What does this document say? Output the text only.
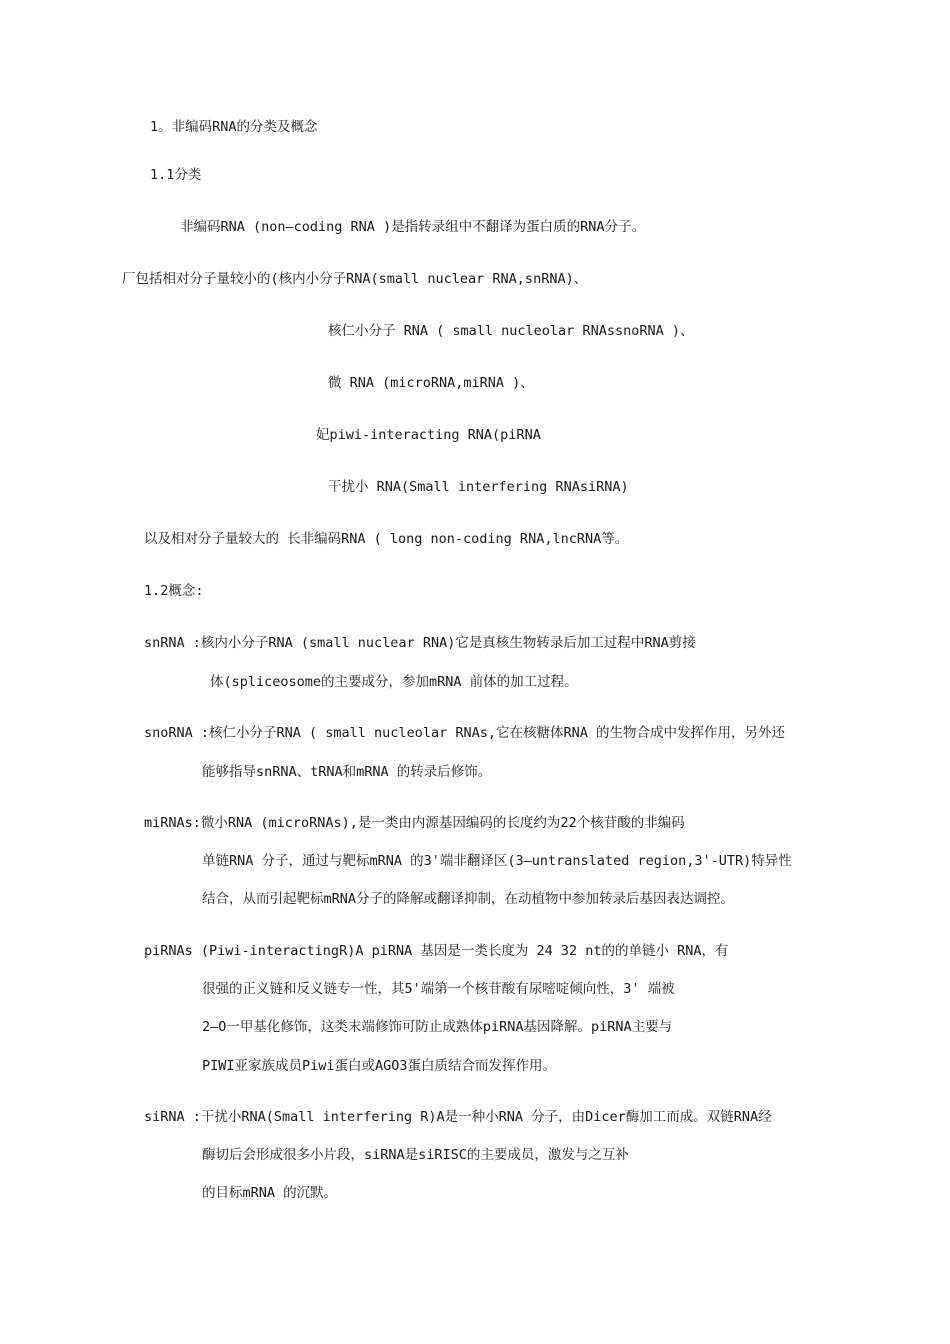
1。非编码RNA的分类及概念
1.1分类
非编码RNA (non—coding RNA )是指转录组中不翻译为蛋白质的RNA分子。
厂包括相对分子量较小的(核内小分子RNA(small nuclear RNA,snRNA)、
核仁小分子 RNA ( small nucleolar RNAssnoRNA )、
微 RNA (microRNA,miRNA )、
妃piwi-interacting RNA(piRNA
干扰小 RNA(Small interfering RNAsiRNA)
以及相对分子量较大的 长非编码RNA ( long non-coding RNA,lncRNA等。
1.2概念:
snRNA :核内小分子RNA (small nuclear RNA)它是真核生物转录后加工过程中RNA剪接
体(spliceosome的主要成分，参加mRNA 前体的加工过程。
snoRNA :核仁小分子RNA ( small nucleolar RNAs,它在核糖体RNA 的生物合成中发挥作用，另外还
能够指导snRNA、tRNA和mRNA 的转录后修饰。
miRNAs:微小RNA (microRNAs),是一类由内源基因编码的长度约为22个核苷酸的非编码
单链RNA 分子，通过与靶标mRNA 的3'端非翻译区(3—untranslated region,3'-UTR)特异性
结合，从而引起靶标mRNA分子的降解或翻译抑制，在动植物中参加转录后基因表达调控。
piRNAs (Piwi-interactingR)A piRNA 基因是一类长度为 24 32 nt的的单链小 RNA，有
很强的正义链和反义链专一性，其5'端第一个核苷酸有尿嘧啶倾向性，3' 端被
2—O一甲基化修饰，这类末端修饰可防止成熟体piRNA基因降解。piRNA主要与
PIWI亚家族成员Piwi蛋白或AGO3蛋白质结合而发挥作用。
siRNA :干扰小RNA(Small interfering R)A是一种小RNA 分子，由Dicer酶加工而成。双链RNA经
酶切后会形成很多小片段，siRNA是siRISC的主要成员，激发与之互补
的目标mRNA 的沉默。
